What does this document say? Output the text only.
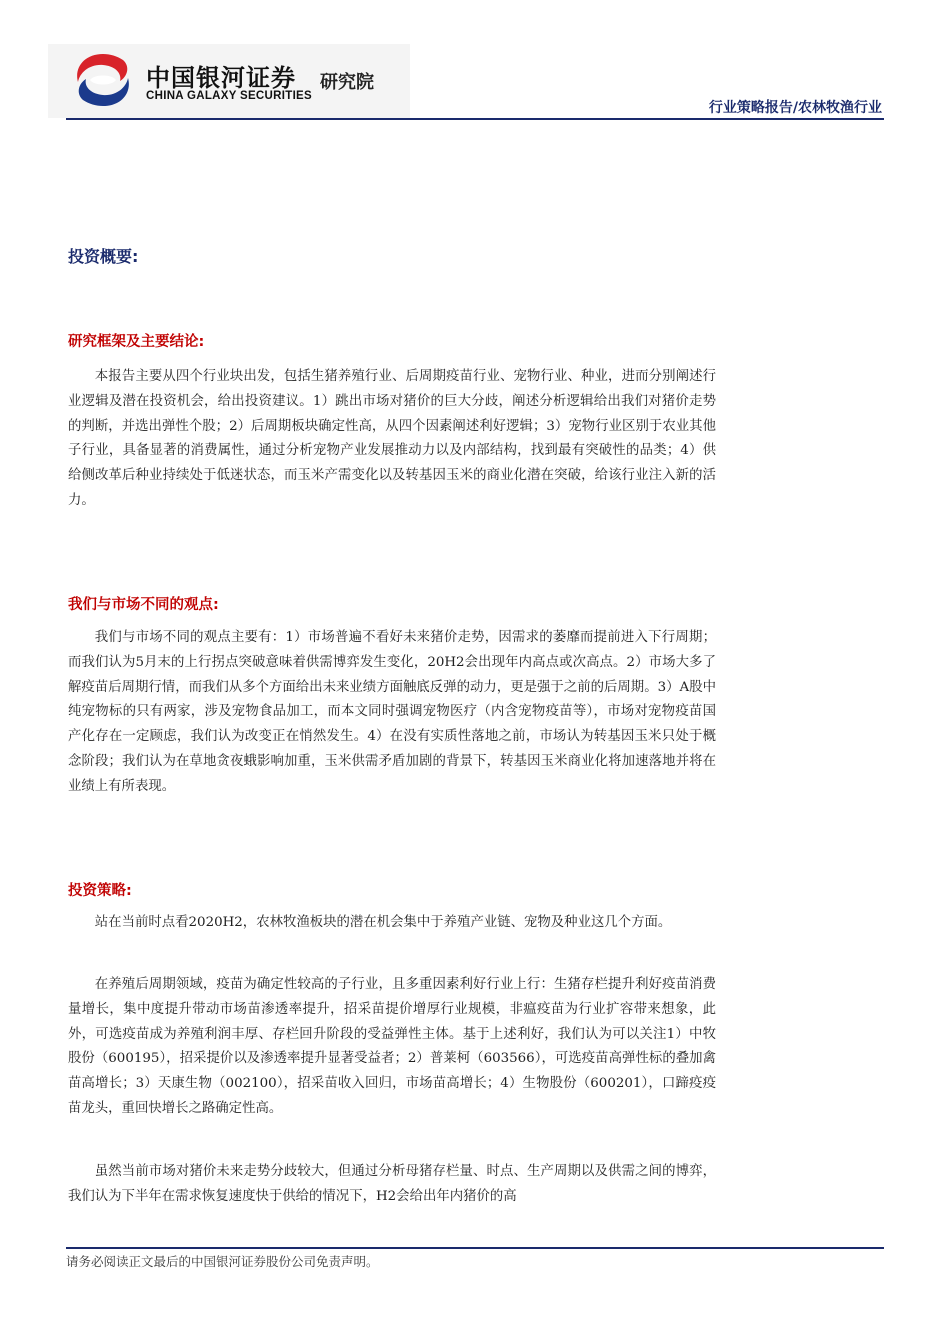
中国银河证券
CHINA GALAXY SECURITIES
研究院
行业策略报告/农林牧渔行业
投资概要:
研究框架及主要结论:

本报告主要从四个行业块出发，包括生猪养殖行业、后周期疫苗行业、宠物行业、种业，进而分别阐述行业逻辑及潜在投资机会，给出投资建议。1）跳出市场对猪价的巨大分歧，阐述分析逻辑给出我们对猪价走势的判断，并选出弹性个股；2）后周期板块确定性高，从四个因素阐述利好逻辑；3）宠物行业区别于农业其他子行业，具备显著的消费属性，通过分析宠物产业发展推动力以及内部结构，找到最有突破性的品类；4）供给侧改革后种业持续处于低迷状态，而玉米产需变化以及转基因玉米的商业化潜在突破，给该行业注入新的活力。

我们与市场不同的观点:

我们与市场不同的观点主要有：1）市场普遍不看好未来猪价走势，因需求的萎靡而提前进入下行周期；而我们认为5月末的上行拐点突破意味着供需博弈发生变化，20H2会出现年内高点或次高点。2）市场大多了解疫苗后周期行情，而我们从多个方面给出未来业绩方面触底反弹的动力，更是强于之前的后周期。3）A股中纯宠物标的只有两家，涉及宠物食品加工，而本文同时强调宠物医疗（内含宠物疫苗等），市场对宠物疫苗国产化存在一定顾虑，我们认为改变正在悄然发生。4）在没有实质性落地之前，市场认为转基因玉米只处于概念阶段；我们认为在草地贪夜蛾影响加重，玉米供需矛盾加剧的背景下，转基因玉米商业化将加速落地并将在业绩上有所表现。

投资策略:

站在当前时点看2020H2，农林牧渔板块的潜在机会集中于养殖产业链、宠物及种业这几个方面。

在养殖后周期领域，疫苗为确定性较高的子行业，且多重因素利好行业上行：生猪存栏提升利好疫苗消费量增长，集中度提升带动市场苗渗透率提升，招采苗提价增厚行业规模，非瘟疫苗为行业扩容带来想象，此外，可选疫苗成为养殖利润丰厚、存栏回升阶段的受益弹性主体。基于上述利好，我们认为可以关注1）中牧股份（600195），招采提价以及渗透率提升显著受益者；2）普莱柯（603566），可选疫苗高弹性标的叠加禽苗高增长；3）天康生物（002100），招采苗收入回归，市场苗高增长；4）生物股份（600201），口蹄疫疫苗龙头，重回快增长之路确定性高。

虽然当前市场对猪价未来走势分歧较大，但通过分析母猪存栏量、时点、生产周期以及供需之间的博弈，我们认为下半年在需求恢复速度快于供给的情况下，H2会给出年内猪价的高

请务必阅读正文最后的中国银河证券股份公司免责声明。
